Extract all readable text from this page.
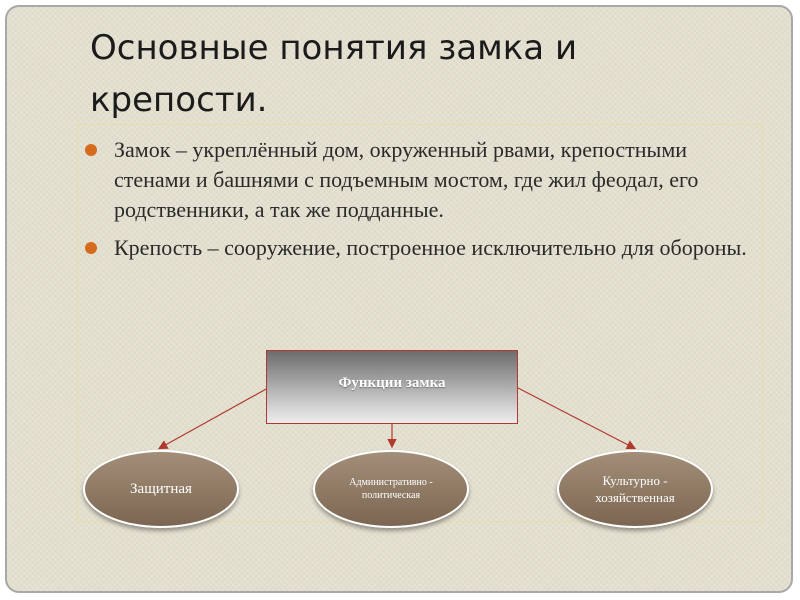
Основные понятия замка и крепости.
Замок – укреплённый дом, окруженный рвами, крепостными стенами и башнями с подъемным мостом, где жил феодал, его родственники, а так же подданные.
Крепость – сооружение, построенное исключительно для обороны.
Функции замка
Защитная	Административно - политическая
Культурно - хозяйственная
